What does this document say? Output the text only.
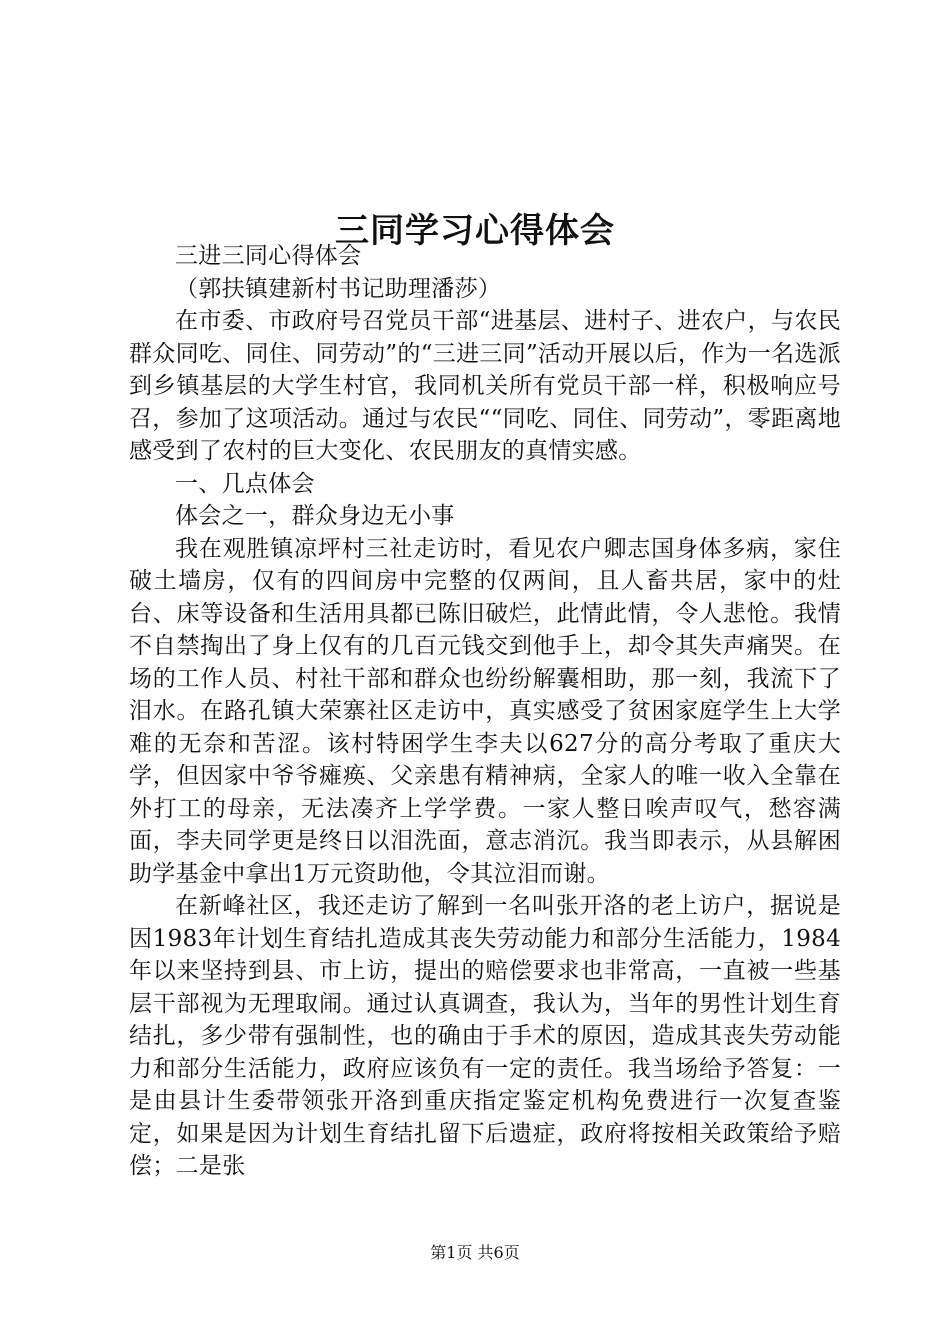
三同学习心得体会

三进三同心得体会

（郭扶镇建新村书记助理潘莎）

在市委、市政府号召党员干部“进基层、进村子、进农户，与农民群众同吃、同住、同劳动”的“三进三同”活动开展以后，作为一名选派到乡镇基层的大学生村官，我同机关所有党员干部一样，积极响应号召，参加了这项活动。通过与农民““同吃、同住、同劳动”，零距离地感受到了农村的巨大变化、农民朋友的真情实感。

一、几点体会

体会之一，群众身边无小事

我在观胜镇凉坪村三社走访时，看见农户卿志国身体多病，家住破土墙房，仅有的四间房中完整的仅两间，且人畜共居，家中的灶台、床等设备和生活用具都已陈旧破烂，此情此情，令人悲怆。我情不自禁掏出了身上仅有的几百元钱交到他手上，却令其失声痛哭。在场的工作人员、村社干部和群众也纷纷解囊相助，那一刻，我流下了泪水。在路孔镇大荣寨社区走访中，真实感受了贫困家庭学生上大学难的无奈和苦涩。该村特困学生李夫以627分的高分考取了重庆大学，但因家中爷爷瘫痪、父亲患有精神病，全家人的唯一收入全靠在外打工的母亲，无法凑齐上学学费。一家人整日唉声叹气，愁容满面，李夫同学更是终日以泪洗面，意志消沉。我当即表示，从县解困助学基金中拿出1万元资助他，令其泣泪而谢。

在新峰社区，我还走访了解到一名叫张开洛的老上访户，据说是因1983年计划生育结扎造成其丧失劳动能力和部分生活能力，1984年以来坚持到县、市上访，提出的赔偿要求也非常高，一直被一些基层干部视为无理取闹。通过认真调查，我认为，当年的男性计划生育结扎，多少带有强制性，也的确由于手术的原因，造成其丧失劳动能力和部分生活能力，政府应该负有一定的责任。我当场给予答复：一是由县计生委带领张开洛到重庆指定鉴定机构免费进行一次复查鉴定，如果是因为计划生育结扎留下后遗症，政府将按相关政策给予赔偿；二是张

第1页 共6页
